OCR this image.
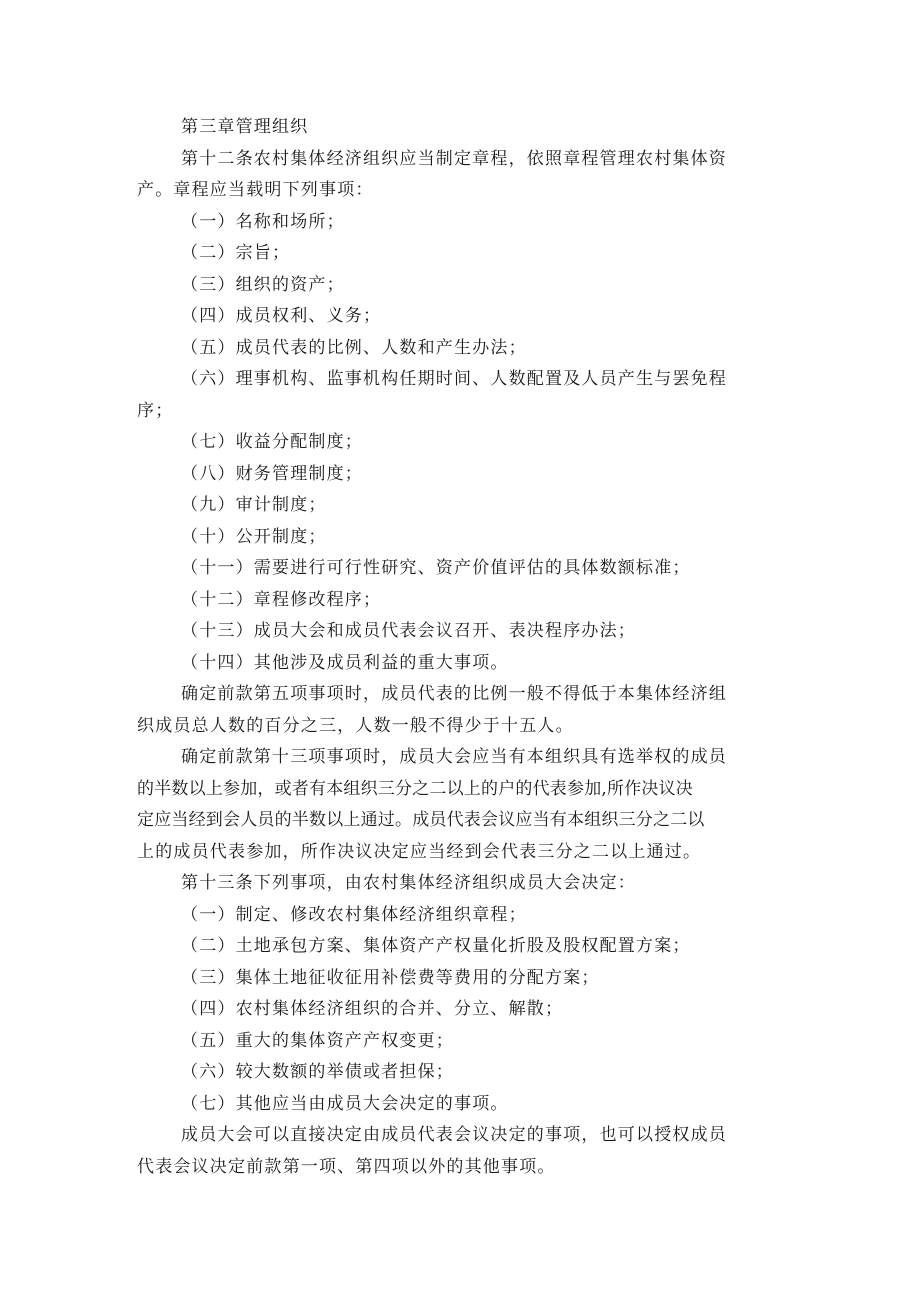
第三章管理组织
第十二条农村集体经济组织应当制定章程，依照章程管理农村集体资
产。章程应当载明下列事项：
（一）名称和场所；
（二）宗旨；
（三）组织的资产；
（四）成员权利、义务；
（五）成员代表的比例、人数和产生办法；
（六）理事机构、监事机构任期时间、人数配置及人员产生与罢免程
序；
（七）收益分配制度；
（八）财务管理制度；
（九）审计制度；
（十）公开制度；
（十一）需要进行可行性研究、资产价值评估的具体数额标准；
（十二）章程修改程序；
（十三）成员大会和成员代表会议召开、表决程序办法；
（十四）其他涉及成员利益的重大事项。
确定前款第五项事项时，成员代表的比例一般不得低于本集体经济组
织成员总人数的百分之三，人数一般不得少于十五人。
确定前款第十三项事项时，成员大会应当有本组织具有选举权的成员
的半数以上参加，或者有本组织三分之二以上的户的代表参加,所作决议决
定应当经到会人员的半数以上通过。成员代表会议应当有本组织三分之二以
上的成员代表参加，所作决议决定应当经到会代表三分之二以上通过。
第十三条下列事项，由农村集体经济组织成员大会决定：
（一）制定、修改农村集体经济组织章程；
（二）土地承包方案、集体资产产权量化折股及股权配置方案；
（三）集体土地征收征用补偿费等费用的分配方案；
（四）农村集体经济组织的合并、分立、解散；
（五）重大的集体资产产权变更；
（六）较大数额的举债或者担保；
（七）其他应当由成员大会决定的事项。
成员大会可以直接决定由成员代表会议决定的事项，也可以授权成员
代表会议决定前款第一项、第四项以外的其他事项。
